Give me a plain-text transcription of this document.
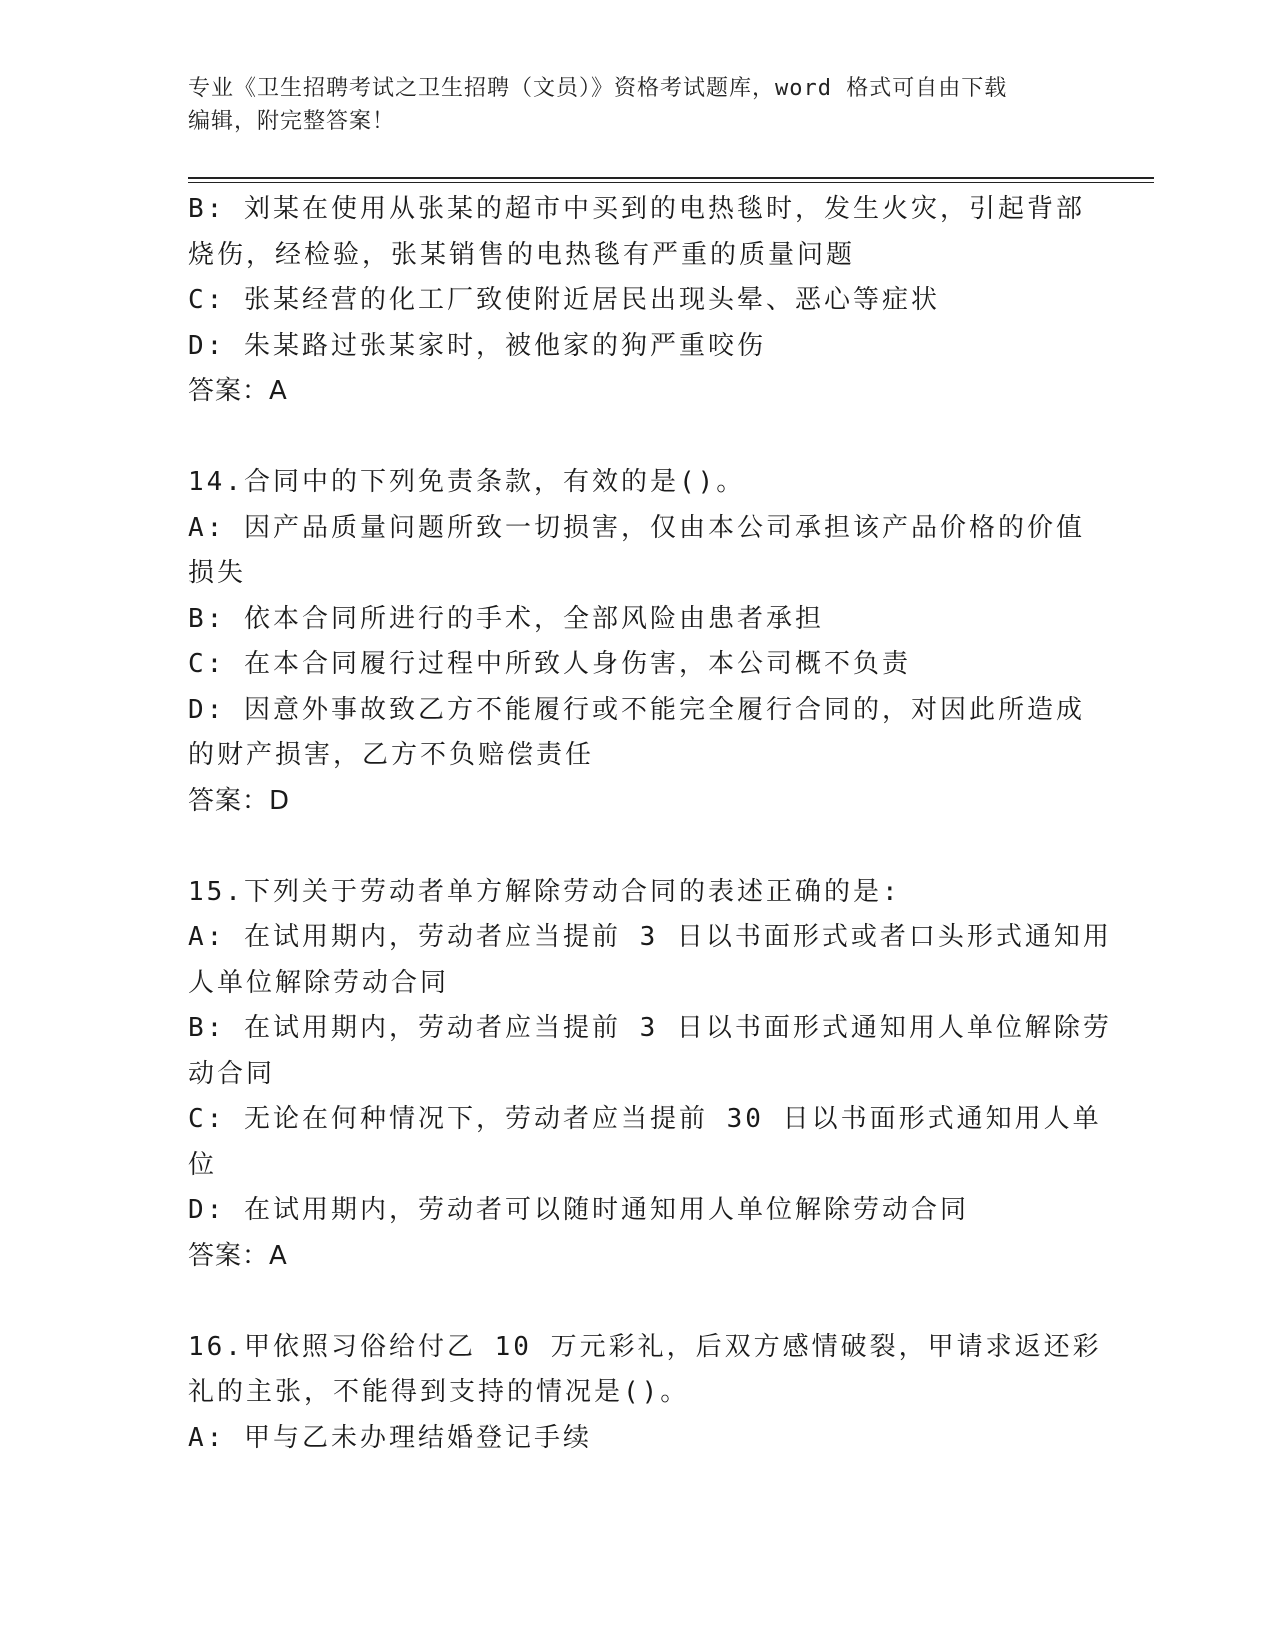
专业《卫生招聘考试之卫生招聘（文员）》资格考试题库，word 格式可自由下载
编辑，附完整答案！
B: 刘某在使用从张某的超市中买到的电热毯时，发生火灾，引起背部
烧伤，经检验，张某销售的电热毯有严重的质量问题
C: 张某经营的化工厂致使附近居民出现头晕、恶心等症状
D: 朱某路过张某家时，被他家的狗严重咬伤
答案：A
14.合同中的下列免责条款，有效的是()。
A: 因产品质量问题所致一切损害，仅由本公司承担该产品价格的价值
损失
B: 依本合同所进行的手术，全部风险由患者承担
C: 在本合同履行过程中所致人身伤害，本公司概不负责
D: 因意外事故致乙方不能履行或不能完全履行合同的，对因此所造成
的财产损害，乙方不负赔偿责任
答案：D
15.下列关于劳动者单方解除劳动合同的表述正确的是:
A: 在试用期内，劳动者应当提前 3 日以书面形式或者口头形式通知用
人单位解除劳动合同
B: 在试用期内，劳动者应当提前 3 日以书面形式通知用人单位解除劳
动合同
C: 无论在何种情况下，劳动者应当提前 30 日以书面形式通知用人单
位
D: 在试用期内，劳动者可以随时通知用人单位解除劳动合同
答案：A
16.甲依照习俗给付乙 10 万元彩礼，后双方感情破裂，甲请求返还彩
礼的主张，不能得到支持的情况是()。
A: 甲与乙未办理结婚登记手续
